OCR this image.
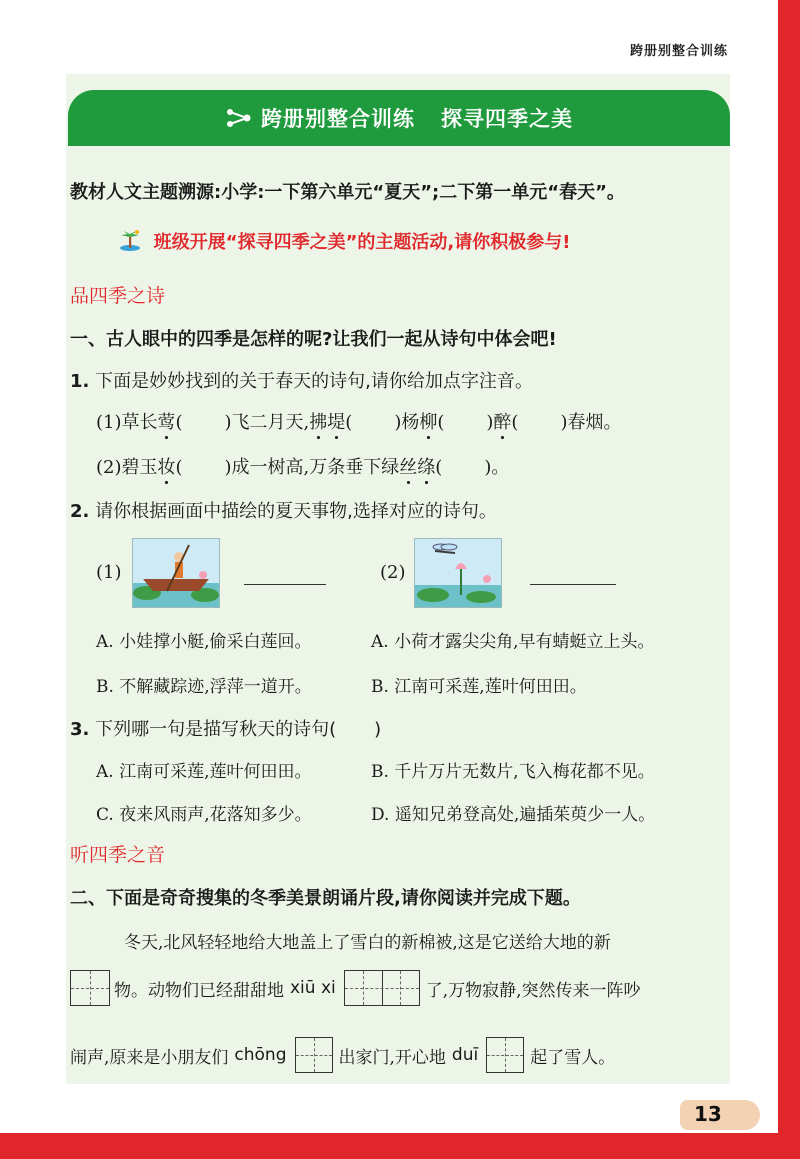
跨册别整合训练
跨册别整合训练 探寻四季之美
教材人文主题溯源:小学:一下第六单元“夏天”;二下第一单元“春天”。
班级开展“探寻四季之美”的主题活动,请你积极参与!
品四季之诗
一、古人眼中的四季是怎样的呢?让我们一起从诗句中体会吧!
1. 下面是妙妙找到的关于春天的诗句,请你给加点字注音。
(1)草长莺( )飞二月天,拂堤( )杨柳( )醉( )春烟。
(2)碧玉妆( )成一树高,万条垂下绿丝绦( )。
2. 请你根据画面中描绘的夏天事物,选择对应的诗句。
(1)	(2)
A. 小娃撑小艇,偷采白莲回。	A. 小荷才露尖尖角,早有蜻蜓立上头。
B. 不解藏踪迹,浮萍一道开。	B. 江南可采莲,莲叶何田田。
3. 下列哪一句是描写秋天的诗句( )
A. 江南可采莲,莲叶何田田。	B. 千片万片无数片,飞入梅花都不见。
C. 夜来风雨声,花落知多少。	D. 遥知兄弟登高处,遍插茱萸少一人。
听四季之音
二、下面是奇奇搜集的冬季美景朗诵片段,请你阅读并完成下题。
冬天,北风轻轻地给大地盖上了雪白的新棉被,这是它送给大地的新
物。动物们已经甜甜地 xiū xi	了,万物寂静,突然传来一阵吵
闹声,原来是小朋友们 chōng	出家门,开心地 duī	起了雪人。
13
